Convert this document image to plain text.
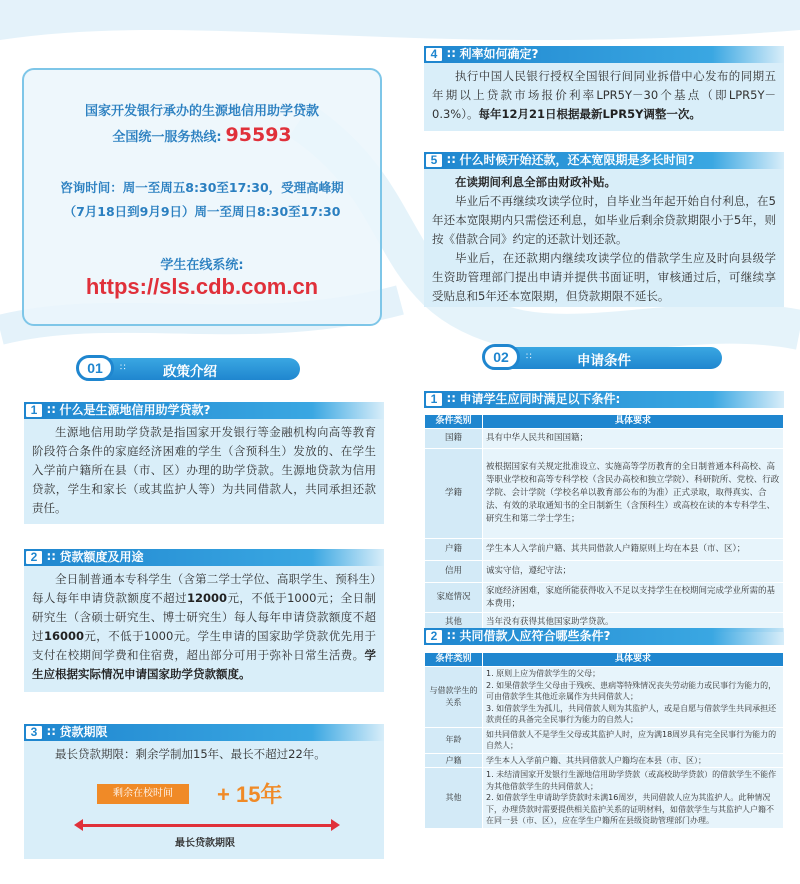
国家开发银行承办的生源地信用助学贷款
全国统一服务热线: 95593
咨询时间：周一至周五8:30至17:30，受理高峰期
（7月18日到9月9日）周一至周日8:30至17:30
学生在线系统:
https://sls.cdb.com.cn
01	∷	政策介绍
1 ∷ 什么是生源地信用助学贷款?

生源地信用助学贷款是指国家开发银行等金融机构向高等教育阶段符合条件的家庭经济困难的学生（含预科生）发放的、在学生入学前户籍所在县（市、区）办理的助学贷款。生源地贷款为信用贷款，学生和家长（或其监护人等）为共同借款人，共同承担还款责任。

2 ∷ 贷款额度及用途

全日制普通本专科学生（含第二学士学位、高职学生、预科生）每人每年申请贷款额度不超过12000元，不低于1000元；全日制研究生（含硕士研究生、博士研究生）每人每年申请贷款额度不超过16000元，不低于1000元。学生申请的国家助学贷款优先用于支付在校期间学费和住宿费，超出部分可用于弥补日常生活费。学生应根据实际情况申请国家助学贷款额度。

3 ∷ 贷款期限

最长贷款期限：剩余学制加15年、最长不超过22年。

剩余在校时间	+ 15年
最长贷款期限
4 ∷ 利率如何确定?

执行中国人民银行授权全国银行间同业拆借中心发布的同期五年期以上贷款市场报价利率LPR5Y－30个基点（即LPR5Y－0.3%）。每年12月21日根据最新LPR5Y调整一次。

5 ∷ 什么时候开始还款，还本宽限期是多长时间?

在读期间利息全部由财政补贴。

毕业后不再继续攻读学位时，自毕业当年起开始自付利息，在5年还本宽限期内只需偿还利息，如毕业后剩余贷款期限小于5年，则按《借款合同》约定的还款计划还款。

毕业后，在还款期内继续攻读学位的借款学生应及时向县级学生资助管理部门提出申请并提供书面证明，审核通过后，可继续享受贴息和5年还本宽限期，但贷款期限不延长。

02	∷	申请条件
1 ∷ 申请学生应同时满足以下条件:
条件类别	具体要求
国籍	具有中华人民共和国国籍；
学籍	被根据国家有关规定批准设立、实施高等学历教育的全日制普通本科高校、高等职业学校和高等专科学校（含民办高校和独立学院）、科研院所、党校、行政学院、会计学院（学校名单以教育部公布的为准）正式录取，取得真实、合法、有效的录取通知书的全日制新生（含预科生）或高校在读的本专科学生、研究生和第二学士学生；
户籍	学生本人入学前户籍、其共同借款人户籍原则上均在本县（市、区）；
信用	诚实守信，遵纪守法；
家庭情况	家庭经济困难，家庭所能获得收入不足以支持学生在校期间完成学业所需的基本费用；
其他	当年没有获得其他国家助学贷款。
2 ∷ 共同借款人应符合哪些条件?
条件类别	具体要求
与借款学生的关系	1. 原则上应为借款学生的父母；
2. 如果借款学生父母由于残疾、患病等特殊情况丧失劳动能力或民事行为能力的，可由借款学生其他近亲属作为共同借款人；
3. 如借款学生为孤儿，共同借款人则为其监护人，或是自愿与借款学生共同承担还款责任的具备完全民事行为能力的自然人；
年龄	如共同借款人不是学生父母或其监护人时，应为满18周岁具有完全民事行为能力的自然人；
户籍	学生本人入学前户籍、其共同借款人户籍均在本县（市、区）；
其他	1. 未结清国家开发银行生源地信用助学贷款（或高校助学贷款）的借款学生不能作为其他借款学生的共同借款人；
2. 如借款学生申请助学贷款时未满16周岁，共同借款人应为其监护人。此种情况下，办理贷款时需要提供相关监护关系的证明材料，如借款学生与其监护人户籍不在同一县（市、区），应在学生户籍所在县级资助管理部门办理。
